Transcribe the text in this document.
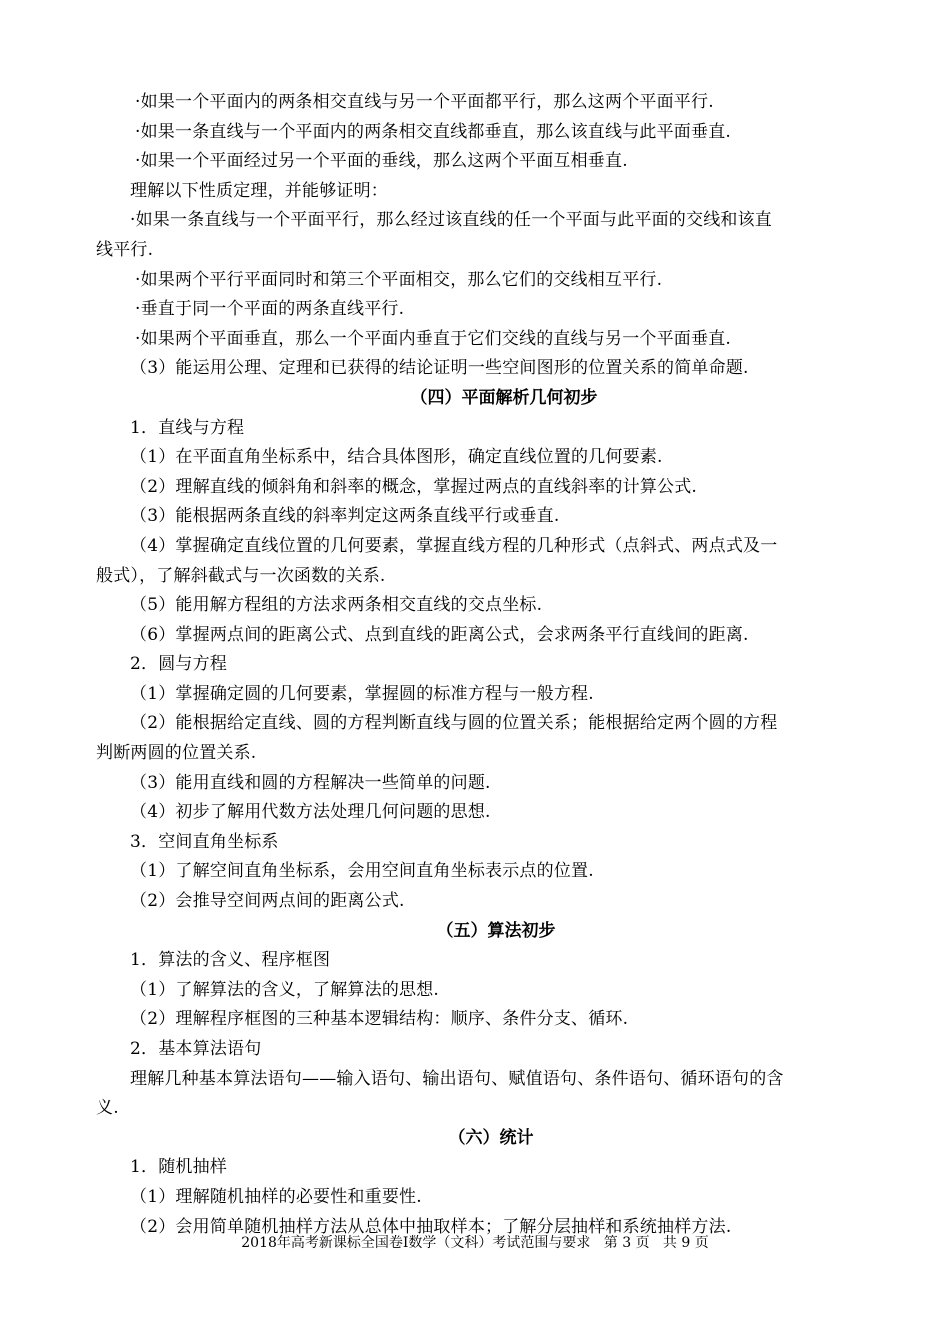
·如果一个平面内的两条相交直线与另一个平面都平行，那么这两个平面平行.
·如果一条直线与一个平面内的两条相交直线都垂直，那么该直线与此平面垂直.
·如果一个平面经过另一个平面的垂线，那么这两个平面互相垂直.
理解以下性质定理，并能够证明：
·如果一条直线与一个平面平行，那么经过该直线的任一个平面与此平面的交线和该直
线平行.
·如果两个平行平面同时和第三个平面相交，那么它们的交线相互平行.
·垂直于同一个平面的两条直线平行.
·如果两个平面垂直，那么一个平面内垂直于它们交线的直线与另一个平面垂直.
（3）能运用公理、定理和已获得的结论证明一些空间图形的位置关系的简单命题.
（四）平面解析几何初步
1．直线与方程
（1）在平面直角坐标系中，结合具体图形，确定直线位置的几何要素.
（2）理解直线的倾斜角和斜率的概念，掌握过两点的直线斜率的计算公式.
（3）能根据两条直线的斜率判定这两条直线平行或垂直.
（4）掌握确定直线位置的几何要素，掌握直线方程的几种形式（点斜式、两点式及一
般式），了解斜截式与一次函数的关系.
（5）能用解方程组的方法求两条相交直线的交点坐标.
（6）掌握两点间的距离公式、点到直线的距离公式，会求两条平行直线间的距离.
2．圆与方程
（1）掌握确定圆的几何要素，掌握圆的标准方程与一般方程.
（2）能根据给定直线、圆的方程判断直线与圆的位置关系；能根据给定两个圆的方程
判断两圆的位置关系.
（3）能用直线和圆的方程解决一些简单的问题.
（4）初步了解用代数方法处理几何问题的思想.
3．空间直角坐标系
（1）了解空间直角坐标系，会用空间直角坐标表示点的位置.
（2）会推导空间两点间的距离公式.
（五）算法初步
1．算法的含义、程序框图
（1）了解算法的含义，了解算法的思想.
（2）理解程序框图的三种基本逻辑结构：顺序、条件分支、循环.
2．基本算法语句
理解几种基本算法语句——输入语句、输出语句、赋值语句、条件语句、循环语句的含
义.
（六）统计
1．随机抽样
（1）理解随机抽样的必要性和重要性.
（2）会用简单随机抽样方法从总体中抽取样本；了解分层抽样和系统抽样方法.
2018年高考新课标全国卷Ⅰ数学（文科）考试范围与要求   第 3 页   共 9 页
